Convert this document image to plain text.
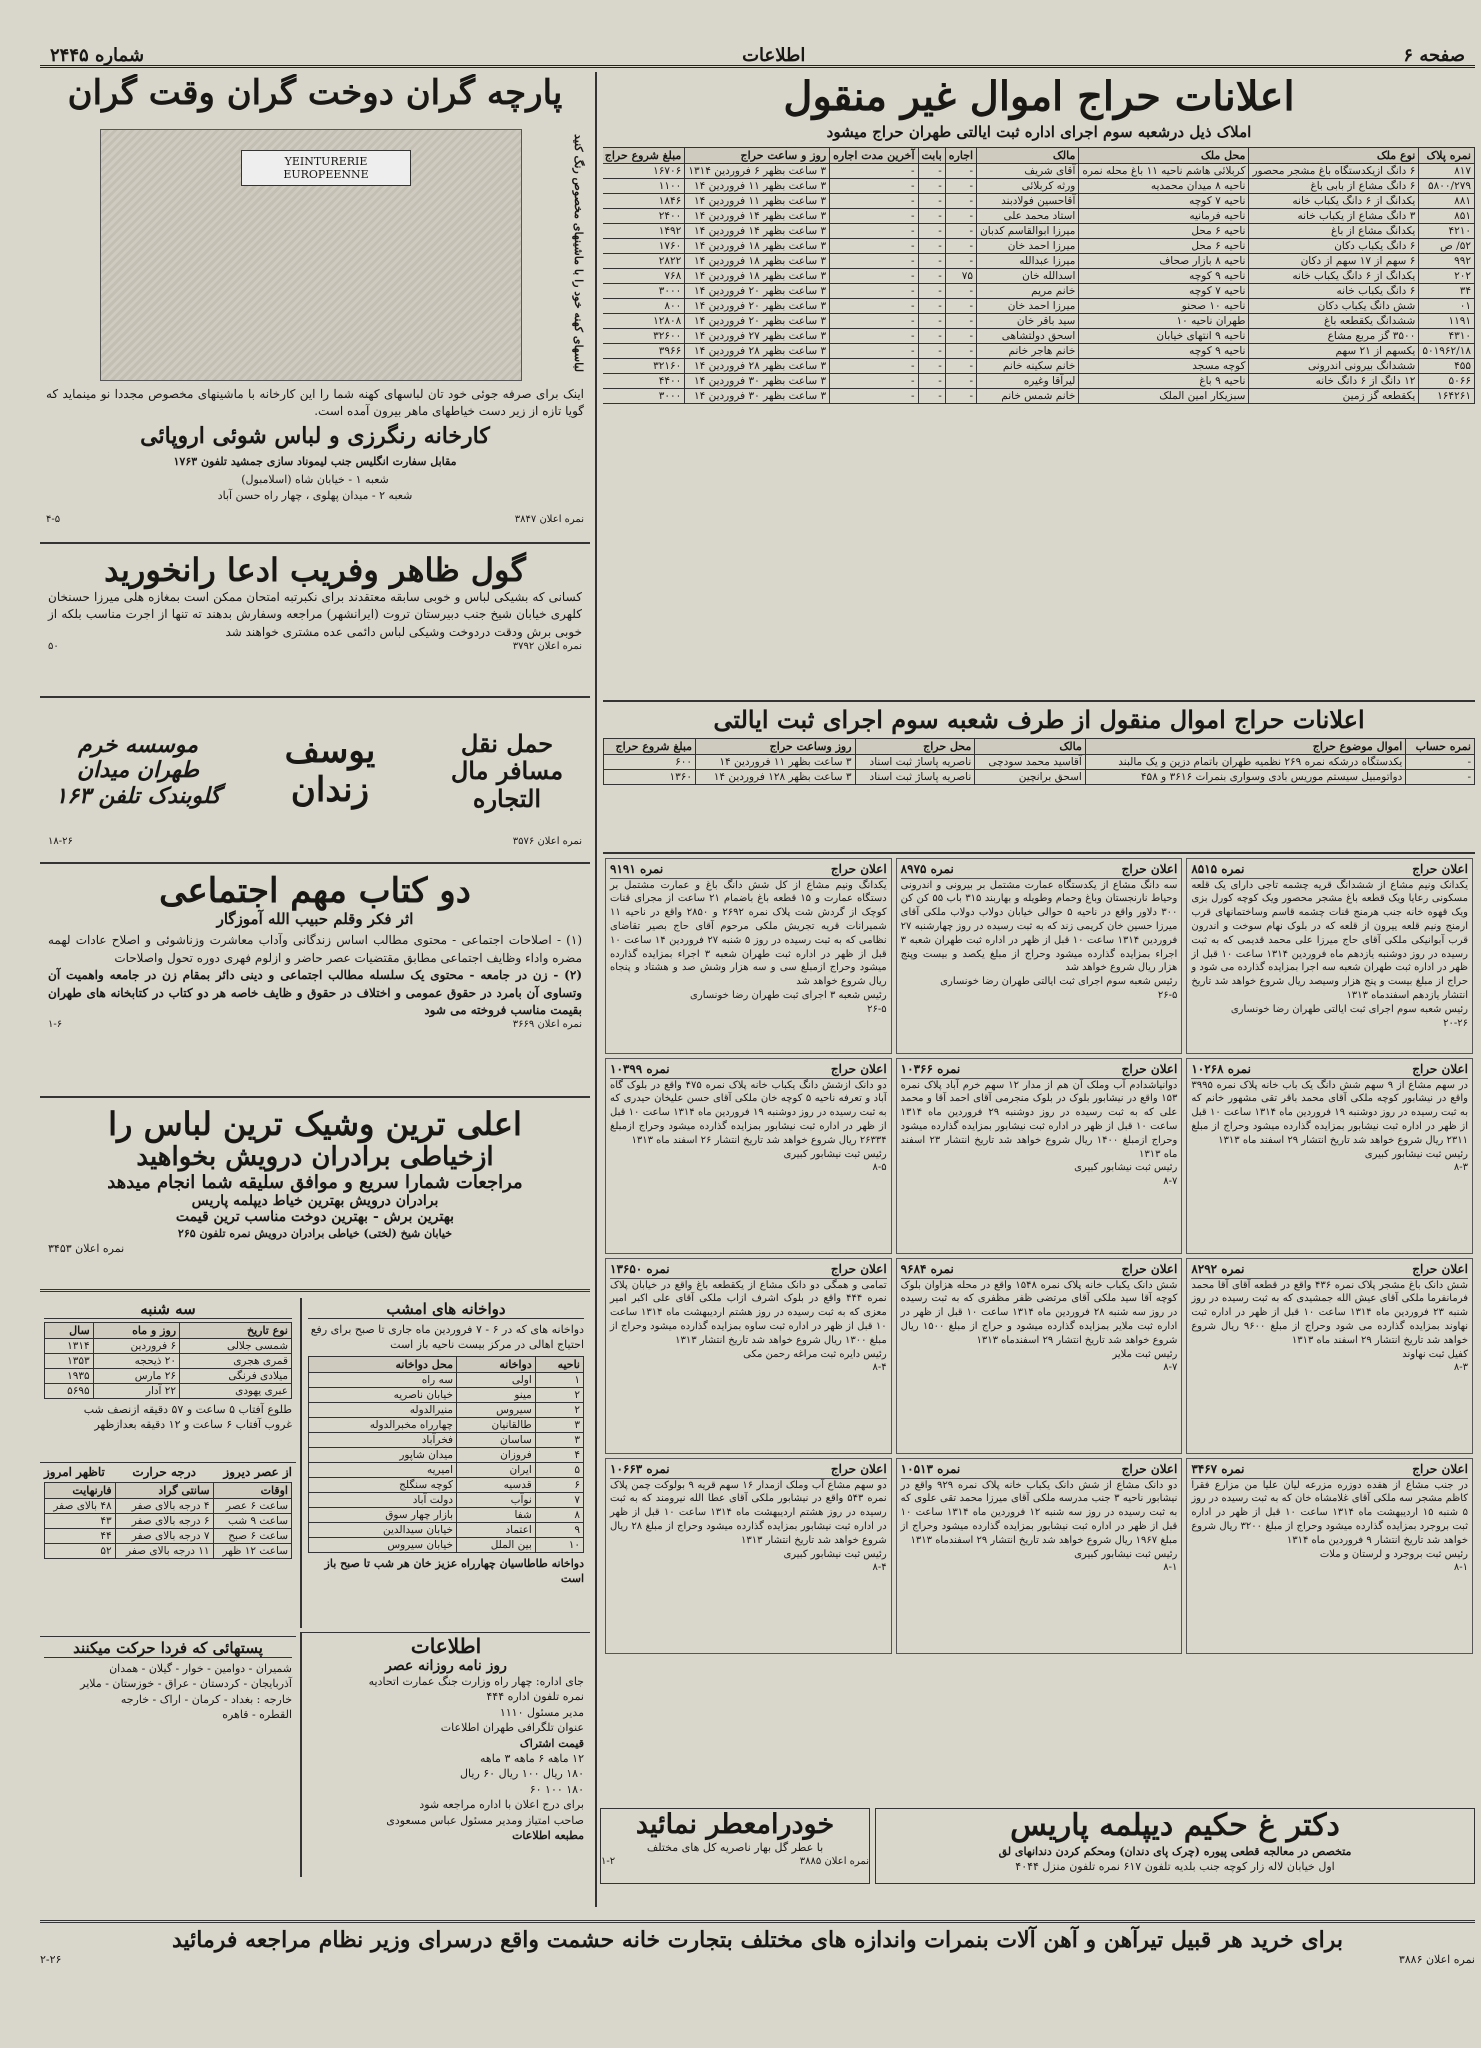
صفحه ۶
اطلاعات
شماره ۲۴۴۵
اعلانات حراج اموال غیر منقول
املاک ذیل درشعبه سوم اجرای اداره ثبت ایالتی طهران حراج میشود
نمره پلاک	نوع ملک	محل ملک	مالک	اجاره	بابت	آخرین مدت اجاره	روز و ساعت حراج	مبلغ شروع حراج
۸۱۷	۶ دانگ ازیکدستگاه باغ مشجر محصور	کربلائی هاشم ناحیه ۱۱ باغ محله نمره	آقای شریف	-	-	-	۳ ساعت بظهر ۶ فروردین ۱۳۱۴	۱۶۷۰۶
۵۸۰۰/۲۷۹	۶ دانگ مشاع از بابی باغ	ناحیه ۸ میدان محمدیه	ورثه کربلائی	-	-	-	۳ ساعت بظهر ۱۱ فروردین ۱۴	۱۱۰۰
۸۸۱	یکدانگ از ۶ دانگ یکباب خانه	ناحیه ۷ کوچه	آقاحسین فولادبند	-	-	-	۳ ساعت بظهر ۱۱ فروردین ۱۴	۱۸۴۶
۸۵۱	۳ دانگ مشاع از یکباب خانه	ناحیه فرمانیه	استاد محمد علی	-	-	-	۳ ساعت بظهر ۱۴ فروردین ۱۴	۲۴۰۰
۴۲۱۰	یکدانگ مشاع از باغ	ناحیه ۶ محل	میرزا ابوالقاسم کدبان	-	-	-	۳ ساعت بظهر ۱۴ فروردین ۱۴	۱۴۹۲
۵۲/ ص	۶ دانگ یکباب دکان	ناحیه ۶ محل	میرزا احمد خان	-	-	-	۳ ساعت بظهر ۱۸ فروردین ۱۴	۱۷۶۰
۹۹۲	۶ سهم از ۱۷ سهم از دکان	ناحیه ۸ بازار صحاف	میرزا عبدالله	-	-	-	۳ ساعت بظهر ۱۸ فروردین ۱۴	۲۸۲۲
۲۰۲	یکدانگ از ۶ دانگ یکباب خانه	ناحیه ۹ کوچه	اسدالله خان	۷۵	-	-	۳ ساعت بظهر ۱۸ فروردین ۱۴	۷۶۸
۳۴	۶ دانگ یکباب خانه	ناحیه ۷ کوچه	خانم مریم	-	-	-	۳ ساعت بظهر ۲۰ فروردین ۱۴	۳۰۰۰
۰۱	شش دانگ یکباب دکان	ناحیه ۱۰ صحنو	میرزا احمد خان	-	-	-	۳ ساعت بظهر ۲۰ فروردین ۱۴	۸۰۰
۱۱۹۱	ششدانگ یکقطعه باغ	طهران ناحیه ۱۰	سید باقر خان	-	-	-	۳ ساعت بظهر ۲۰ فروردین ۱۴	۱۲۸۰۸
۴۳۱۰	۳۵۰۰ گز مربع مشاع	ناحیه ۹ انتهای خیابان	اسحق دولتشاهی	-	-	-	۳ ساعت بظهر ۲۷ فروردین ۱۴	۳۲۶۰۰
۵۰۱۹۶۲/۱۸	یکسهم از ۲۱ سهم	ناحیه ۹ کوچه	خانم هاجر خانم	-	-	-	۳ ساعت بظهر ۲۸ فروردین ۱۴	۳۹۶۶
۴۵۵	ششدانگ بیرونی اندرونی	کوچه مسجد	خانم سکینه خانم	-	-	-	۳ ساعت بظهر ۲۸ فروردین ۱۴	۳۲۱۶۰
۵۰۶۶	۱۲ دانگ از ۶ دانگ خانه	ناحیه ۹ باغ	لیرآقا وغیره	-	-	-	۳ ساعت بظهر ۳۰ فروردین ۱۴	۴۴۰۰
۱۶۴۲۶۱	یکقطعه گز زمین	سبزیکار امین الملک	خانم شمس خانم	-	-	-	۳ ساعت بظهر ۳۰ فروردین ۱۴	۳۰۰۰
اعلانات حراج اموال منقول از طرف شعبه سوم اجرای ثبت ایالتی
نمره حساب	اموال موضوع حراج	مالک	محل حراج	روز وساعت حراج	مبلغ شروع حراج
-	یکدستگاه درشکه نمره ۲۶۹ نظمیه طهران باتمام دزین و یک مالبند	آقاسید محمد سودچی	ناصریه پاساژ ثبت اسناد	۳ ساعت بظهر ۱۱ فروردین ۱۴	۶۰۰
-	دواتومبیل سیستم موریس بادی وسواری بنمرات ۳۶۱۶ و ۴۵۸	اسحق برانچین	ناصریه پاساژ ثبت اسناد	۳ ساعت بظهر ۱۲۸ فروردین ۱۴	۱۳۶۰
اعلان حراج
نمره ۸۵۱۵
یکدانک ونیم مشاع از ششدانگ قریه چشمه تاجی دارای یک قلعه مسکونی رعایا ویک قطعه باغ مشجر محصور ویک کوچه کورل بزی ویک قهوه خانه جنب هرمنج قنات چشمه قاسم وساختمانهای قرب ارمنج ونیم قلعه ییرون از قلعه که در بلوک نهام سوخت و اندرون قرب آبوانیکی ملکی آقای حاج میرزا علی محمد قدیمی که به ثبت رسیده در روز دوشنبه یازدهم ماه فروردین ۱۳۱۴ ساعت ۱۰ قبل از ظهر در اداره ثبت طهران شعبه سه اجرا بمزایده گذارده می شود و حراج از مبلغ بیست و پنج هزار وسیصد ریال شروع خواهد شد تاریخ انتشار یازدهم اسفندماه ۱۳۱۳
رئیس شعبه سوم اجرای ثبت ایالتی طهران رضا خونساری
۲۰-۲۶
اعلان حراج
نمره ۸۹۷۵
سه دانگ مشاع از یکدستگاه عمارت مشتمل بر بیرونی و اندرونی وحیاط نارنجستان وباغ وحمام وطویله و بهاربند ۳۱۵ باب ۵۵ کن کن ۳۰۰ دلاور واقع در ناحیه ۵ حوالی خیابان دولاب دولاب ملکی آقای میرزا حسین خان کریمی زند که به ثبت رسیده در روز چهارشنبه ۲۷ فروردین ۱۳۱۴ ساعت ۱۰ قبل از ظهر در اداره ثبت طهران شعبه ۳ اجراء بمزایده گذارده میشود وحراج از مبلغ یکصد و بیست وپنج هزار ریال شروع خواهد شد
رئیس شعبه سوم اجرای ثبت ایالتی طهران رضا خونساری
۲۶-۵
اعلان حراج
نمره ۹۱۹۱
یکدانگ ونیم مشاع از کل شش دانگ باغ و عمارت مشتمل بر دستگاه عمارت و ۱۵ قطعه باغ باضمام ۲۱ ساعت از مجرای قنات کوچک از گردش شت پلاک نمره ۲۶۹۲ و ۲۸۵۰ واقع در ناحیه ۱۱ شمیرانات قریه تجریش ملکی مرحوم آقای حاج بصیر تقاضای نظامی که به ثبت رسیده در روز ۵ شنبه ۲۷ فروردین ۱۴ ساعت ۱۰ قبل از ظهر در اداره ثبت طهران شعبه ۳ اجراء بمزایده گذارده میشود وحراج ازمبلغ سی و سه هزار وشش صد و هشتاد و پنجاه ریال شروع خواهد شد
رئیس شعبه ۳ اجرای ثبت طهران رضا خونساری
۲۶-۵
اعلان حراج
نمره ۱۰۲۶۸
در سهم مشاع از ۹ سهم شش دانگ یک باب خانه پلاک نمره ۳۹۹۵ واقع در نیشابور کوچه ملکی آقای محمد باقر تقی مشهور خانم که به ثبت رسیده در روز دوشنبه ۱۹ فروردین ماه ۱۳۱۴ ساعت ۱۰ قبل از ظهر در اداره ثبت نیشابور بمزایده گذارده میشود وحراج از مبلغ ۲۳۱۱ ریال شروع خواهد شد تاریخ انتشار ۲۹ اسفند ماه ۱۳۱۳
رئیس ثبت نیشابور کبیری
۸-۳
اعلان حراج
نمره ۱۰۳۶۶
دوانیاشدادم آب وملک آن هم از مدار ۱۲ سهم خرم آباد پلاک نمره ۱۵۳ واقع در نیشابور بلوک در بلوک منجرمی آقای احمد آقا و محمد علی که به ثبت رسیده در روز دوشنبه ۲۹ فروردین ماه ۱۳۱۴ ساعت ۱۰ قبل از ظهر در اداره ثبت نیشابور بمزایده گذارده میشود وحراج ازمبلغ ۱۴۰۰ ریال شروع خواهد شد تاریخ انتشار ۲۳ اسفند ماه ۱۳۱۳
رئیس ثبت نیشابور کبیری
۸-۷
اعلان حراج
نمره ۱۰۳۹۹
دو دانک ازشش دانگ یکباب خانه پلاک نمره ۴۷۵ واقع در بلوک گاه آباد و تعرفه ناحیه ۵ کوچه خان ملکی آقای حسن علیخان حیدری که به ثبت رسیده در روز دوشنبه ۱۹ فروردین ماه ۱۳۱۴ ساعت ۱۰ قبل از ظهر در اداره ثبت نیشابور بمزایده گذارده میشود وحراج ازمبلغ ۲۶۳۳۴ ریال شروع خواهد شد تاریخ انتشار ۲۶ اسفند ماه ۱۳۱۳
رئیس ثبت نیشابور کبیری
۸-۵
اعلان حراج
نمره ۸۲۹۲
شش دانک باغ مشجر پلاک نمره ۴۳۶ واقع در قطعه آقای آقا محمد فرمانفرما ملکی آقای عیش الله جمشیدی که به ثبت رسیده در روز شنبه ۲۳ فروردین ماه ۱۳۱۴ ساعت ۱۰ قبل از ظهر در اداره ثبت نهاوند بمزایده گذارده می شود وحراج از مبلغ ۹۶۰۰ ریال شروع خواهد شد تاریخ انتشار ۲۹ اسفند ماه ۱۳۱۳
کفیل ثبت نهاوند
۸-۳
اعلان حراج
نمره ۹۶۸۴
شش دانک یکباب خانه پلاک نمره ۱۵۴۸ واقع در محله هزاوان بلوک کوچه آقا سید ملکی آقای مرتضی ظفر مظفری که به ثبت رسیده در روز سه شنبه ۲۸ فروردین ماه ۱۳۱۴ ساعت ۱۰ قبل از ظهر در اداره ثبت ملایر بمزایده گذارده میشود و حراج از مبلغ ۱۵۰۰ ریال شروع خواهد شد تاریخ انتشار ۲۹ اسفندماه ۱۳۱۳
رئیس ثبت ملایر
۸-۷
اعلان حراج
نمره ۱۳۶۵۰
تمامی و همگی دو دانک مشاع از یکقطعه باغ واقع در خیابان پلاک نمره ۴۴۴ واقع در بلوک اشرف ازاب ملکی آقای علی اکبر امیر معزی که به ثبت رسیده در روز هشتم اردیبهشت ماه ۱۳۱۴ ساعت ۱۰ قبل از ظهر در اداره ثبت ساوه بمزایده گذارده میشود وحراج از مبلغ ۱۳۰۰ ریال شروع خواهد شد تاریخ انتشار ۱۳۱۳
رئیس دایره ثبت مراغه رحمن مکی
۸-۴
اعلان حراج
نمره ۳۴۶۷
در جنب مشاع از هفده دوزره مزرعه لیان علیا من مزارع فقرا کاظم مشجر سه ملکی آقای غلامشاه خان که به ثبت رسیده در روز ۵ شنبه ۱۵ اردیبهشت ماه ۱۳۱۴ ساعت ۱۰ قبل از ظهر در اداره ثبت بروجرد بمزایده گذارده میشود وحراج از مبلغ ۳۲۰۰ ریال شروع خواهد شد تاریخ انتشار ۹ فروردین ماه ۱۳۱۴
رئیس ثبت بروجرد و لرستان و ملات
۸-۱
اعلان حراج
نمره ۱۰۵۱۳
دو دانک مشاع از شش دانک یکباب خانه پلاک نمره ۹۲۹ واقع در نیشابور ناحیه ۳ جنب مدرسه ملکی آقای میرزا محمد تقی علوی که به ثبت رسیده در روز سه شنبه ۱۲ فروردین ماه ۱۳۱۴ ساعت ۱۰ قبل از ظهر در اداره ثبت نیشابور بمزایده گذارده میشود وحراج از مبلغ ۱۹۶۷ ریال شروع خواهد شد تاریخ انتشار ۲۹ اسفندماه ۱۳۱۳
رئیس ثبت نیشابور کبیری
۸-۱
اعلان حراج
نمره ۱۰۶۶۳
دو سهم مشاع آب وملک ازمدار ۱۶ سهم قریه ۹ بولوکت چمن پلاک نمره ۵۴۳ واقع در نیشابور ملکی آقای عطا الله نیرومند که به ثبت رسیده در روز هشتم اردیبهشت ماه ۱۳۱۴ ساعت ۱۰ قبل از ظهر در اداره ثبت نیشابور بمزایده گذارده میشود وحراج از مبلغ ۲۸ ریال شروع خواهد شد تاریخ انتشار ۱۳۱۳
رئیس ثبت نیشابور کبیری
۸-۴
دکتر غ حکیم دیپلمه پاریس
متخصص در معالجه قطعی پیوره (چرک پای دندان) ومحکم کردن دندانهای لق
اول خیابان لاله زار کوچه جنب بلدیه تلفون ۶۱۷ نمره تلفون منزل ۴۰۴۴
خودرامعطر نمائید
با عطر گل بهار ناصریه کل های مختلف
نمره اعلان ۳۸۸۵
۱-۲
پارچه گران دوخت گران وقت گران
YEINTURERIE EUROPEENNE	لباسهای کهنه خود را با ماشینهای مخصوص رنگ کنید
اینک برای صرفه جوئی خود تان لباسهای کهنه شما را این کارخانه با ماشینهای مخصوص مجددا نو مینماید که گویا تازه از زیر دست خیاطهای ماهر بیرون آمده است.
کارخانه رنگرزی و لباس شوئی اروپائی
مقابل سفارت انگلیس جنب لیموناد سازی جمشید تلفون ۱۷۶۳
شعبه ۱ - خیابان شاه (اسلامبول)
شعبه ۲ - میدان پهلوی ، چهار راه حسن آباد
نمره اعلان ۳۸۴۷
۴-۵
گول ظاهر وفریب ادعا رانخورید
کسانی که بشیکی لباس و خوبی سابقه معتقدند برای نکبرتبه امتحان ممکن است بمغازه هلی میرزا حسنخان کلهری خیابان شیخ جنب دبیرستان تروت (ایرانشهر) مراجعه وسفارش بدهند ته تنها از اجرت مناسب بلکه از خوبی برش ودقت دردوخت وشیکی لباس دائمی عده مشتری خواهند شد
نمره اعلان ۳۷۹۲
۵۰
حمل نقل مسافر مال التجاره
یوسف زندان
موسسه خرم طهران میدان گلوبندک تلفن ۱۶۳
نمره اعلان ۳۵۷۶
۱۸-۲۶
دو کتاب مهم اجتماعی
اثر فکر وقلم حبیب الله آموزگار
(۱) - اصلاحات اجتماعی - محتوی مطالب اساس زندگانی وآداب معاشرت وزناشوئی و اصلاح عادات لهمه مضره واداء وظایف اجتماعی مطابق مقتضیات عصر حاضر و ازلوم فهری دوره تحول واصلاحات
(۲) - زن در جامعه - محتوی یک سلسله مطالب اجتماعی و دینی دائر بمقام زن در جامعه واهمیت آن وتساوی آن بامرد در حقوق عمومی و اختلاف در حقوق و ظایف خاصه هر دو کتاب در کتابخانه های طهران بقیمت مناسب فروخته می شود
نمره اعلان ۳۶۶۹
۱-۶
اعلی ترین وشیک ترین لباس را
ازخیاطی برادران درویش بخواهید
مراجعات شمارا سریع و موافق سلیقه شما انجام میدهد
برادران درویش بهترین خیاط دیپلمه پاریس
بهترین برش - بهترین دوخت مناسب ترین قیمت
خیابان شیخ (لختی) خیاطی برادران درویش نمره تلفون ۲۶۵
نمره اعلان ۳۴۵۳
دواخانه های امشب
دواخانه های که در ۶ - ۷ فروردین ماه جاری تا صبح برای رفع احتیاج اهالی در مرکز بیست ناحیه باز است
ناحیه	دواخانه	محل دواخانه
۱	اولی	سه راه
۲	مینو	خیابان ناصریه
۲	سیروس	منیرالدوله
۳	طالقانیان	چهارراه مخبرالدوله
۳	ساسان	فخرآباد
۴	فروزان	میدان شاپور
۵	ایران	امیریه
۶	قدسیه	کوچه سنگلج
۷	نوآب	دولت آباد
۸	شفا	بازار چهار سوق
۹	اعتماد	خیابان سیدالدین
۱۰	بین الملل	خیابان سیروس
دواخانه طاطاسیان چهارراه عزیز خان هر شب تا صبح باز است
سه شنبه
نوع تاریخ	روز و ماه	سال
شمسی جلالی	۶ فروردین	۱۳۱۴
قمری هجری	۲۰ ذیحجه	۱۳۵۳
میلادی فرنگی	۲۶ مارس	۱۹۳۵
عبری یهودی	۲۲ آدار	۵۶۹۵
طلوع آفتاب ۵ ساعت و ۵۷ دقیقه ازنصف شب
غروب آفتاب ۶ ساعت و ۱۲ دقیقه بعدازظهر
از عصر دیروز
درجه حرارت
تاظهر امروز
اوقات	سانتی گراد	فارنهایت
ساعت ۶ عصر	۴ درجه بالای صفر	۴۸ بالای صفر
ساعت ۹ شب	۶ درجه بالای صفر	۴۳
ساعت ۶ صبح	۷ درجه بالای صفر	۴۴
ساعت ۱۲ ظهر	۱۱ درجه بالای صفر	۵۲
اطلاعات
روز نامه روزانه عصر
جای اداره: چهار راه وزارت جنگ عمارت اتحادیه
نمره تلفون اداره ۴۴۴
مدیر مسئول ۱۱۱۰
عنوان تلگرافی طهران اطلاعات
قیمت اشتراک
۱۲ ماهه ۶ ماهه ۳ ماهه
۱۸۰ ریال ۱۰۰ ریال ۶۰ ریال
۱۸۰ ۱۰۰ ۶۰
برای درج اعلان با اداره مراجعه شود
صاحب امتیاز ومدیر مسئول عباس مسعودی
مطبعه اطلاعات
پستهائی که فردا حرکت میکنند
شمیران - دوامین - خوار - گیلان - همدان
آذربایجان - کردستان - عراق - خوزستان - ملایر
خارجه : بغداد - کرمان - اراک - خارجه
القطره - قاهره
برای خرید هر قبیل تیرآهن و آهن آلات بنمرات واندازه های مختلف بتجارت خانه حشمت واقع درسرای وزیر نظام مراجعه فرمائید
نمره اعلان ۳۸۸۶
۲-۲۶
